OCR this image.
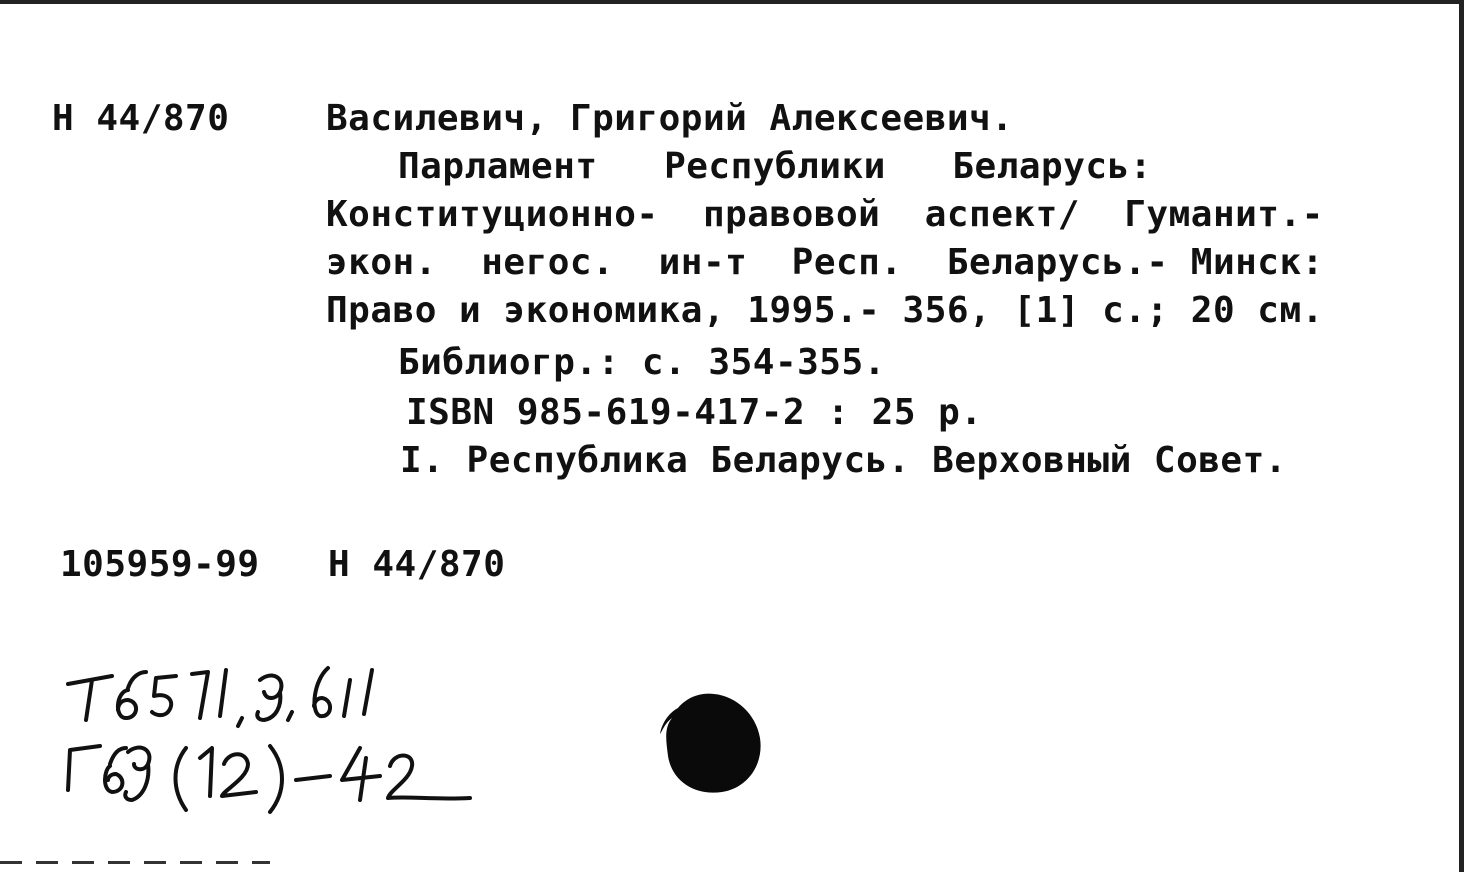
Н 44/870	Василевич, Григорий Алексеевич.
Парламент   Республики   Беларусь:
Конституционно-  правовой  аспект/  Гуманит.-
экон.  негос.  ин-т  Респ.  Беларусь.- Минск:
Право и экономика, 1995.- 356, [1] с.; 20 см.
Библиогр.: с. 354-355.
ISBN 985-619-417-2 : 25 р.
I. Республика Беларусь. Верховный Совет.
105959-99 Н 44/870
